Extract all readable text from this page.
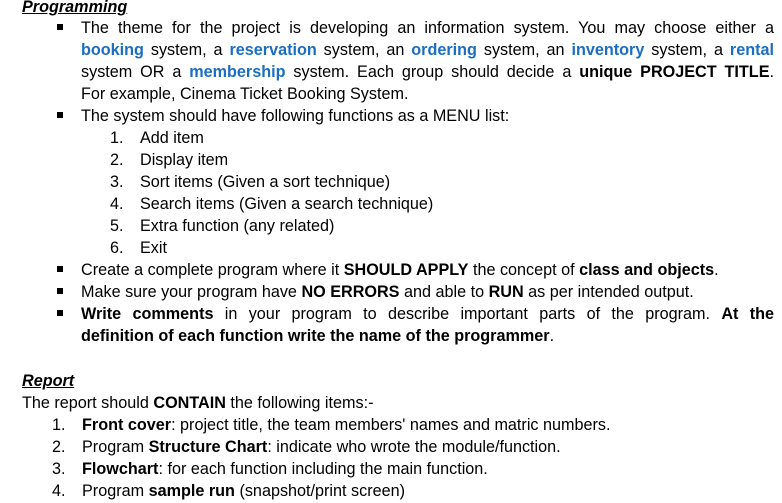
Programming
The theme for the project is developing an information system. You may choose either a
booking system, a reservation system, an ordering system, an inventory system, a rental
system OR a membership system. Each group should decide a unique PROJECT TITLE.
For example, Cinema Ticket Booking System.
The system should have following functions as a MENU list:
1. Add item
2. Display item
3. Sort items (Given a sort technique)
4. Search items (Given a search technique)
5. Extra function (any related)
6. Exit
Create a complete program where it SHOULD APPLY the concept of class and objects.
Make sure your program have NO ERRORS and able to RUN as per intended output.
Write comments in your program to describe important parts of the program. At the
definition of each function write the name of the programmer.
Report
The report should CONTAIN the following items:-
1. Front cover: project title, the team members' names and matric numbers.
2. Program Structure Chart: indicate who wrote the module/function.
3. Flowchart: for each function including the main function.
4. Program sample run (snapshot/print screen)
